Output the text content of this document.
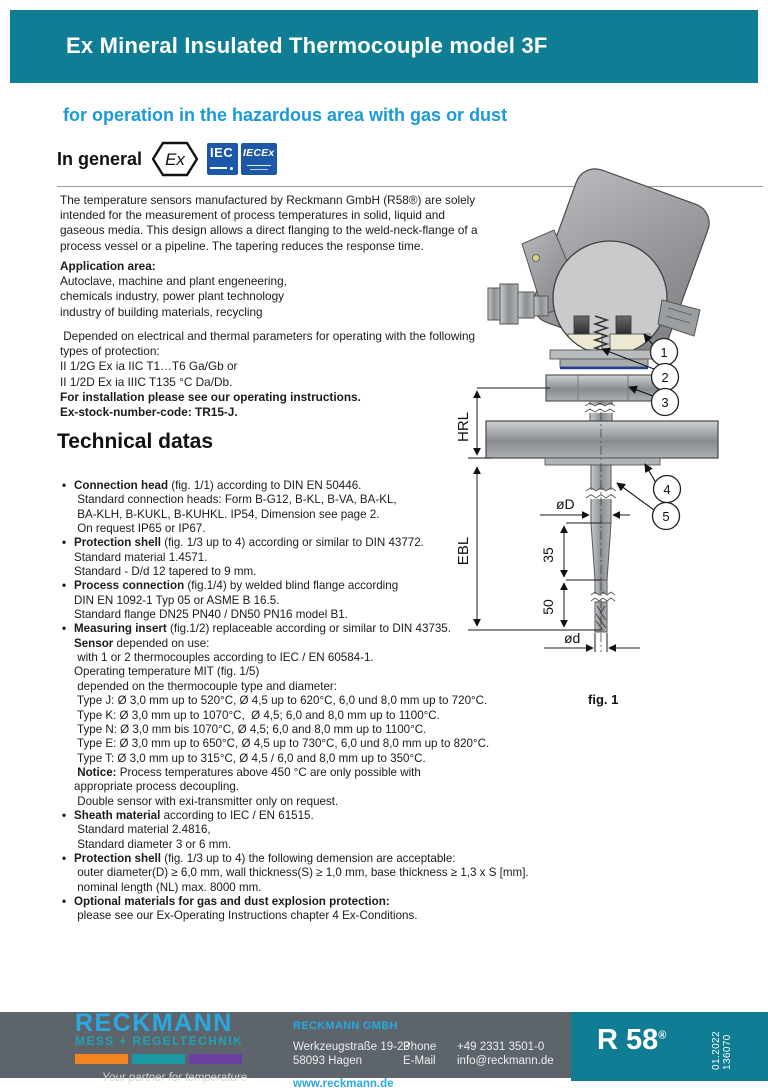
Ex Mineral Insulated Thermocouple model 3F
for operation in the hazardous area with gas or dust
In general Ex IEC IECEx
The temperature sensors manufactured by Reckmann GmbH (R58®) are solely
intended for the measurement of process temperatures in solid, liquid and
gaseous media. This design allows a direct flanging to the weld-neck-flange of a
process vessel or a pipeline. The tapering reduces the response time.
Application area:
Autoclave, machine and plant engeneering,
chemicals industry, power plant technology
industry of building materials, recycling
Depended on electrical and thermal parameters for operating with the following
types of protection:
II 1/2G Ex ia IIC T1…T6 Ga/Gb or
II 1/2D Ex ia IIIC T135 °C Da/Db.
For installation please see our operating instructions.
Ex-stock-number-code: TR15-J.
Technical datas
• Connection head (fig. 1/1) according to DIN EN 50446.
Standard connection heads: Form B-G12, B-KL, B-VA, BA-KL,
BA-KLH, B-KUKL, B-KUHKL. IP54, Dimension see page 2.
On request IP65 or IP67.
• Protection shell (fig. 1/3 up to 4) according or similar to DIN 43772.
Standard material 1.4571.
Standard - D/d 12 tapered to 9 mm.
• Process connection (fig.1/4) by welded blind flange according
DIN EN 1092-1 Typ 05 or ASME B 16.5.
Standard flange DN25 PN40 / DN50 PN16 model B1.
• Measuring insert (fig.1/2) replaceable according or similar to DIN 43735.
Sensor depended on use:
with 1 or 2 thermocouples according to IEC / EN 60584-1.
Operating temperature MIT (fig. 1/5)
depended on the thermocouple type and diameter:
Type J: Ø 3,0 mm up to 520°C, Ø 4,5 up to 620°C, 6,0 und 8,0 mm up to 720°C.
Type K: Ø 3,0 mm up to 1070°C,  Ø 4,5; 6,0 and 8,0 mm up to 1100°C.
Type N: Ø 3,0 mm bis 1070°C, Ø 4,5; 6,0 and 8,0 mm up to 1100°C.
Type E: Ø 3,0 mm up to 650°C, Ø 4,5 up to 730°C, 6,0 und 8,0 mm up to 820°C.
Type T: Ø 3,0 mm up to 315°C, Ø 4,5 / 6,0 and 8,0 mm up to 350°C.
Notice: Process temperatures above 450 °C are only possible with
appropriate process decoupling.
Double sensor with exi-transmitter only on request.
• Sheath material according to IEC / EN 61515.
Standard material 2.4816,
Standard diameter 3 or 6 mm.
• Protection shell (fig. 1/3 up to 4) the following demension are acceptable:
outer diameter(D) ≥ 6,0 mm, wall thickness(S) ≥ 1,0 mm, base thickness ≥ 1,3 x S [mm].
nominal length (NL) max. 8000 mm.
• Optional materials for gas and dust explosion protection:
please see our Ex-Operating Instructions chapter 4 Ex-Conditions.
HRL
EBL
øD
35
50
ød
1
2
3
4
5
fig. 1
RECKMANN
MESS + REGELTECHNIK
Your partner for temperature
RECKMANN GMBH
Werkzeugstraße 19-23
58093 Hagen
www.reckmann.de
Phone	+49 2331 3501-0
E-Mail	info@reckmann.de
R 58®	01.2022 136070
